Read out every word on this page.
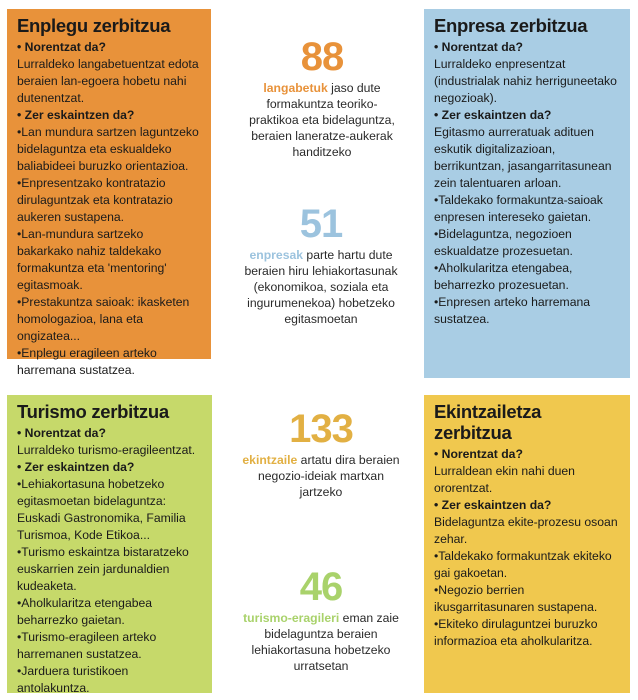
Enplegu zerbitzua

• Norentzat da?

Lurraldeko langabetuentzat edota beraien lan-egoera hobetu nahi dutenentzat.

• Zer eskaintzen da?

• Lan mundura sartzen laguntzeko bidelaguntza eta eskualdeko baliabideei buruzko orientazioa.
• Enpresentzako kontratazio dirulaguntzak eta kontratazio aukeren sustapena.
• Lan-mundura sartzeko bakarkako nahiz taldekako formakuntza eta 'mentoring' egitasmoak.
• Prestakuntza saioak: ikasketen homologazioa, lana eta ongizatea...
• Enplegu eragileen arteko harremana sustatzea.
Enpresa zerbitzua

• Norentzat da?

Lurraldeko enpresentzat (industrialak nahiz herrigunеetako negozioak).

• Zer eskaintzen da?

Egitasmo aurreratuak adituen eskutik digitalizazioan, berrikuntzan, jasangarritasunean zein talentuaren arloan.

• Taldekako formakuntza-saioak enpresen intereseko gaietan.
• Bidelaguntza, negozioen eskualdatze prozesuetan.
• Aholkularitza etengabea, beharrezko prozesuetan.
• Enpresen arteko harremana sustatzea.
Turismo zerbitzua

• Norentzat da?

Lurraldeko turismo-eragileentzat.

• Zer eskaintzen da?

• Lehiakortasuna hobetzeko egitasmoetan bidelaguntza: Euskadi Gastronomika, Familia Turismoa, Kode Etikoa...
• Turismo eskaintza bistaratzeko euskarrien zein jardunaldien kudeaketa.
• Aholkularitza etengabea beharrezko gaietan.
• Turismo-eragileen arteko harremanen sustatzea.
• Jarduera turistikoen antolakuntza.
Ekintzailetza zerbitzua

• Norentzat da?

Lurraldean ekin nahi duen ororentzat.

• Zer eskaintzen da?

Bidelaguntza ekite-prozesu osoan zehar.

• Taldekako formakuntzak ekiteko gai gakoetan.
• Negozio berrien ikusgarritasunaren sustapena.
• Ekiteko dirulaguntzei buruzko informazioa eta aholkularitza.
88
langabetuk jaso dute formakuntza teoriko-praktikoa eta bidelaguntza, beraien laneratze-aukerak handitzeko
51
enpresak parte hartu dute beraien hiru lehiakortasunak (ekonomikoa, soziala eta ingurumenekoa) hobetzeko egitasmoetan
133
ekintzaile artatu dira beraien negozio-ideiak martxan jartzeko
46
turismo-eragileri eman zaie bidelaguntza beraien lehiakortasuna hobetzeko urratsetan
